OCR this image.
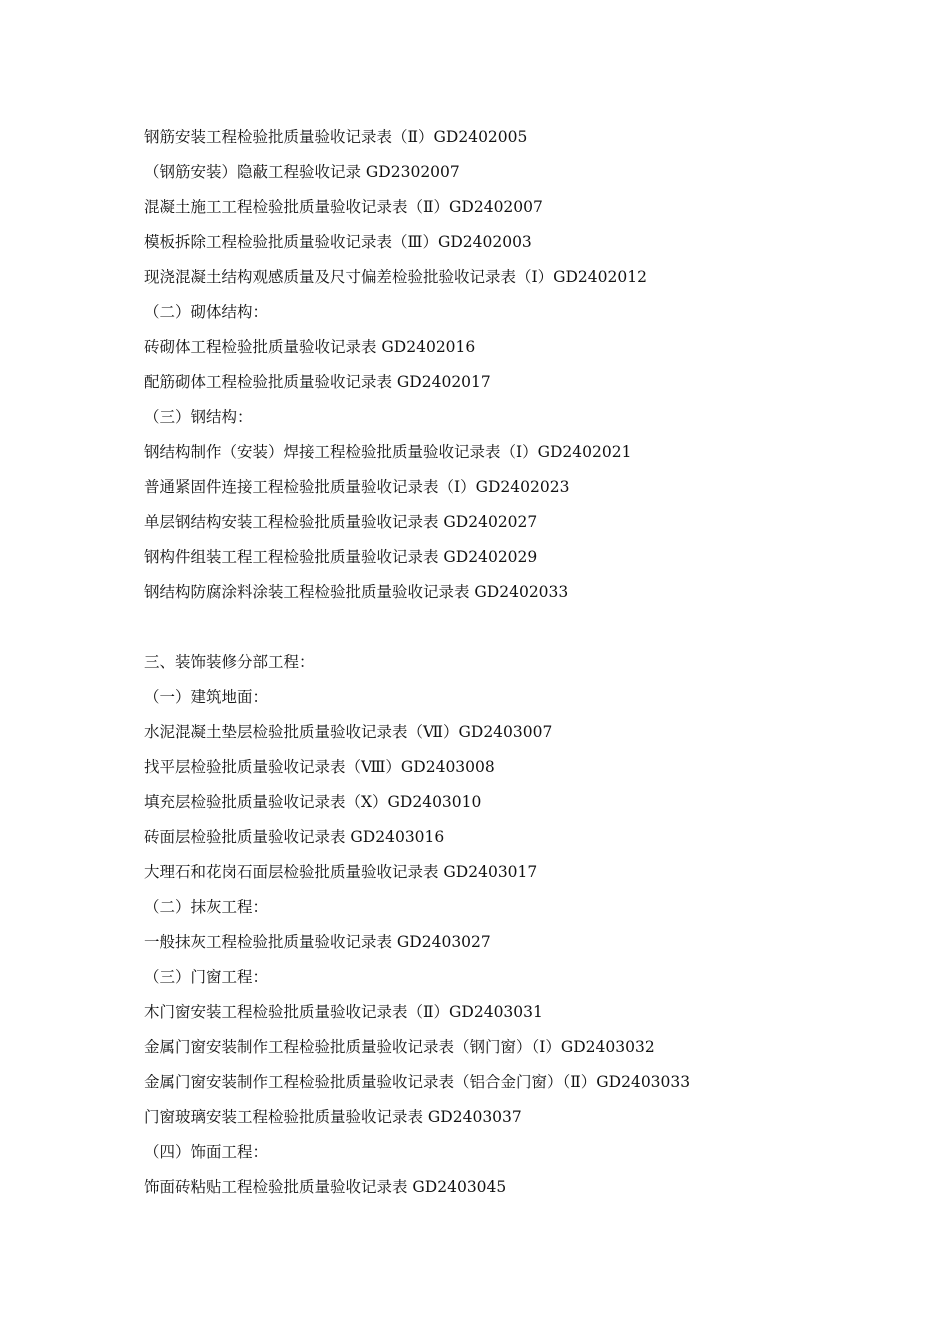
钢筋安装工程检验批质量验收记录表（Ⅱ）GD2402005
（钢筋安装）隐蔽工程验收记录 GD2302007
混凝土施工工程检验批质量验收记录表（Ⅱ）GD2402007
模板拆除工程检验批质量验收记录表（Ⅲ）GD2402003
现浇混凝土结构观感质量及尺寸偏差检验批验收记录表（Ⅰ）GD2402012
（二）砌体结构：
砖砌体工程检验批质量验收记录表 GD2402016
配筋砌体工程检验批质量验收记录表 GD2402017
（三）钢结构：
钢结构制作（安装）焊接工程检验批质量验收记录表（Ⅰ）GD2402021
普通紧固件连接工程检验批质量验收记录表（Ⅰ）GD2402023
单层钢结构安装工程检验批质量验收记录表 GD2402027
钢构件组装工程工程检验批质量验收记录表 GD2402029
钢结构防腐涂料涂装工程检验批质量验收记录表 GD2402033
三、装饰装修分部工程：
（一）建筑地面：
水泥混凝土垫层检验批质量验收记录表（Ⅶ）GD2403007
找平层检验批质量验收记录表（Ⅷ）GD2403008
填充层检验批质量验收记录表（Ⅹ）GD2403010
砖面层检验批质量验收记录表 GD2403016
大理石和花岗石面层检验批质量验收记录表 GD2403017
（二）抹灰工程：
一般抹灰工程检验批质量验收记录表 GD2403027
（三）门窗工程：
木门窗安装工程检验批质量验收记录表（Ⅱ）GD2403031
金属门窗安装制作工程检验批质量验收记录表（钢门窗）（Ⅰ）GD2403032
金属门窗安装制作工程检验批质量验收记录表（铝合金门窗）（Ⅱ）GD2403033
门窗玻璃安装工程检验批质量验收记录表 GD2403037
（四）饰面工程：
饰面砖粘贴工程检验批质量验收记录表 GD2403045
